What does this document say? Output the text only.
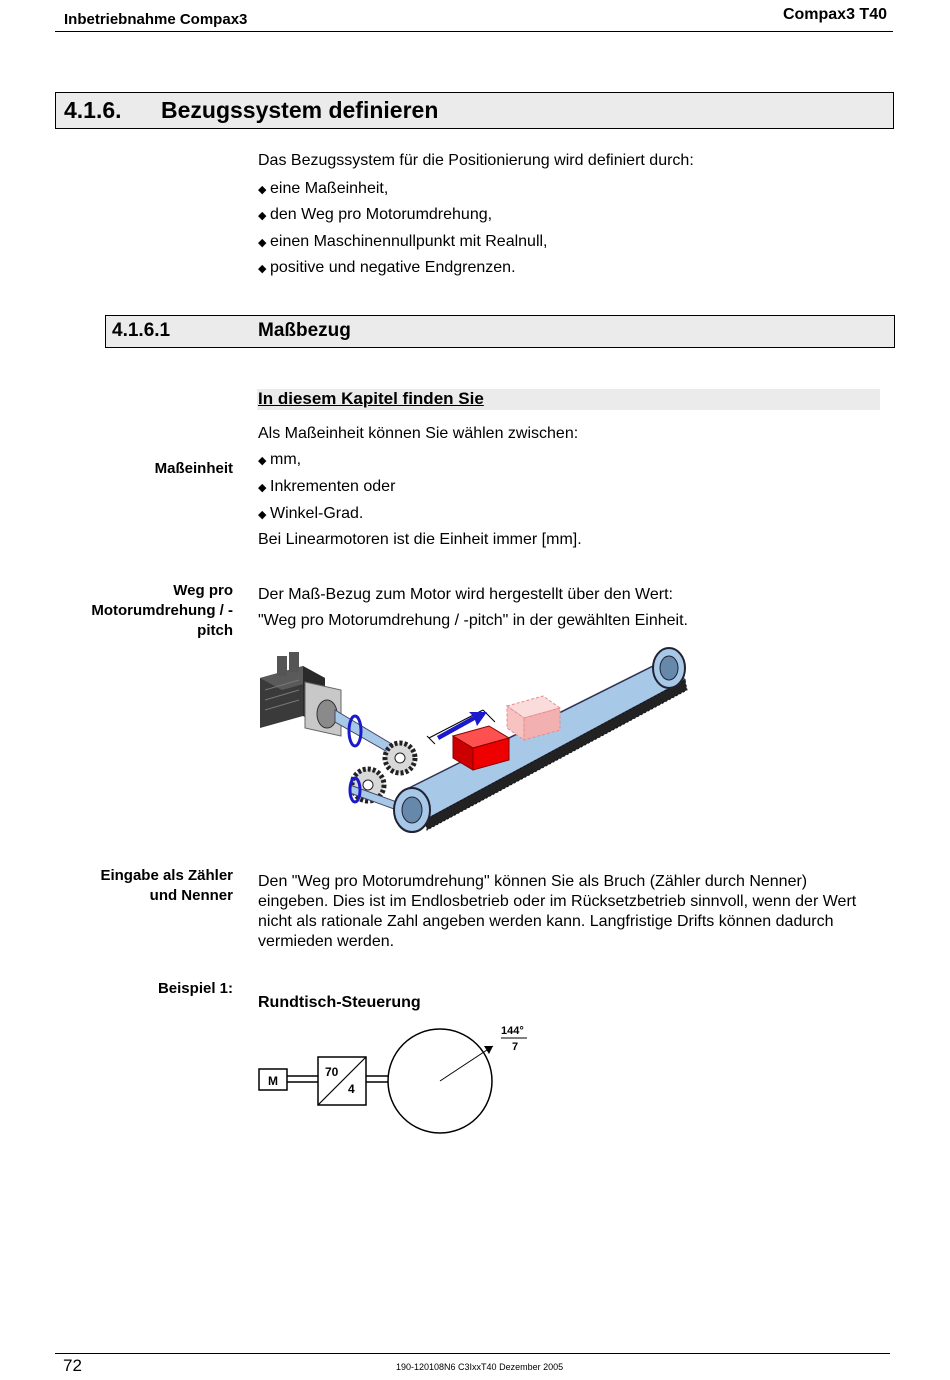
Inbetriebnahme Compax3	Compax3 T40
4.1.6. Bezugssystem definieren
Das Bezugssystem für die Positionierung wird definiert durch:
◆ eine Maßeinheit,
◆ den Weg pro Motorumdrehung,
◆ einen Maschinennullpunkt mit Realnull,
◆ positive und negative Endgrenzen.
4.1.6.1	Maßbezug
In diesem Kapitel finden Sie
Maßeinheit
Als Maßeinheit können Sie wählen zwischen:
◆ mm,
◆ Inkrementen oder
◆ Winkel-Grad.
Bei Linearmotoren ist die Einheit immer [mm].
Weg pro
Motorumdrehung / -
pitch
Der Maß-Bezug zum Motor wird hergestellt über den Wert:
"Weg pro Motorumdrehung / -pitch" in der gewählten Einheit.
Eingabe als Zähler
und Nenner
Den "Weg pro Motorumdrehung" können Sie als Bruch (Zähler durch Nenner) eingeben. Dies ist im Endlosbetrieb oder im Rücksetzbetrieb sinnvoll, wenn der Wert nicht als rationale Zahl angeben werden kann. Langfristige Drifts können dadurch vermieden werden.
Beispiel 1:
Rundtisch-Steuerung
M
70
4
144°
7
72	190-120108N6 C3IxxT40 Dezember 2005
